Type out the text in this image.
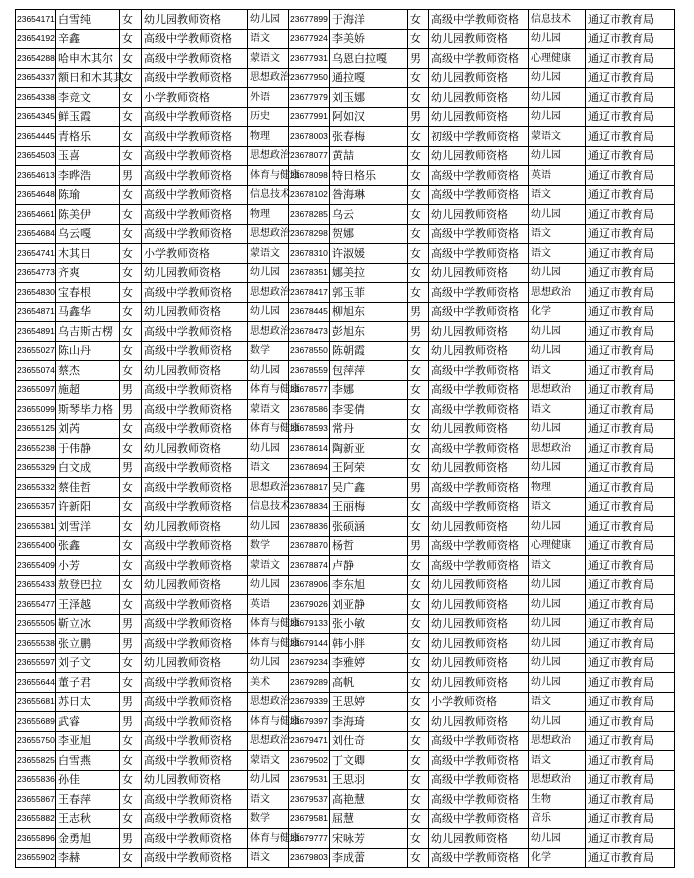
23654171	白雪纯	女	幼儿园教师资格	幼儿园	23677899	于海洋	女	高级中学教师资格	信息技术	通辽市教育局
23654192	辛鑫	女	高级中学教师资格	语文	23677924	李美娇	女	幼儿园教师资格	幼儿园	通辽市教育局
23654288	哈申木其尔	女	高级中学教师资格	蒙语文	23677931	乌恩白拉嘎	男	高级中学教师资格	心理健康	通辽市教育局
23654337	额日和木其其	女	高级中学教师资格	思想政治	23677950	通拉嘎	女	幼儿园教师资格	幼儿园	通辽市教育局
23654338	李竞文	女	小学教师资格	外语	23677979	刘玉娜	女	幼儿园教师资格	幼儿园	通辽市教育局
23654345	鲜玉霞	女	高级中学教师资格	历史	23677991	阿如汉	男	幼儿园教师资格	幼儿园	通辽市教育局
23654445	青格乐	女	高级中学教师资格	物理	23678003	张春梅	女	初级中学教师资格	蒙语文	通辽市教育局
23654503	玉喜	女	高级中学教师资格	思想政治	23678077	黄喆	女	幼儿园教师资格	幼儿园	通辽市教育局
23654613	李晔浩	男	高级中学教师资格	体育与健康	23678098	特日格乐	女	高级中学教师资格	英语	通辽市教育局
23654648	陈瑜	女	高级中学教师资格	信息技术	23678102	昝海琳	女	高级中学教师资格	语文	通辽市教育局
23654661	陈美伊	女	高级中学教师资格	物理	23678285	乌云	女	幼儿园教师资格	幼儿园	通辽市教育局
23654684	乌云嘎	女	高级中学教师资格	思想政治	23678298	贺娜	女	高级中学教师资格	语文	通辽市教育局
23654741	木其日	女	小学教师资格	蒙语文	23678310	许淑媛	女	高级中学教师资格	语文	通辽市教育局
23654773	齐爽	女	幼儿园教师资格	幼儿园	23678351	娜美拉	女	幼儿园教师资格	幼儿园	通辽市教育局
23654830	宝春根	女	高级中学教师资格	思想政治	23678417	郭玉菲	女	高级中学教师资格	思想政治	通辽市教育局
23654871	马鑫华	女	幼儿园教师资格	幼儿园	23678445	柳旭东	男	高级中学教师资格	化学	通辽市教育局
23654891	乌吉斯古楞	女	高级中学教师资格	思想政治	23678473	彭旭东	男	幼儿园教师资格	幼儿园	通辽市教育局
23655027	陈山丹	女	高级中学教师资格	数学	23678550	陈朝霞	女	幼儿园教师资格	幼儿园	通辽市教育局
23655074	蔡杰	女	幼儿园教师资格	幼儿园	23678559	包萍萍	女	高级中学教师资格	语文	通辽市教育局
23655097	施超	男	高级中学教师资格	体育与健康	23678577	李娜	女	高级中学教师资格	思想政治	通辽市教育局
23655099	斯琴毕力格	男	高级中学教师资格	蒙语文	23678586	李雯倩	女	高级中学教师资格	语文	通辽市教育局
23655125	刘芮	女	高级中学教师资格	体育与健康	23678593	常丹	女	幼儿园教师资格	幼儿园	通辽市教育局
23655238	于伟静	女	幼儿园教师资格	幼儿园	23678614	陶新亚	女	高级中学教师资格	思想政治	通辽市教育局
23655329	白文成	男	高级中学教师资格	语文	23678694	王阿荣	女	幼儿园教师资格	幼儿园	通辽市教育局
23655332	蔡佳哲	女	高级中学教师资格	思想政治	23678817	吴广鑫	男	高级中学教师资格	物理	通辽市教育局
23655357	许新阳	女	高级中学教师资格	信息技术	23678834	王丽梅	女	高级中学教师资格	语文	通辽市教育局
23655381	刘雪洋	女	幼儿园教师资格	幼儿园	23678836	张硕涵	女	幼儿园教师资格	幼儿园	通辽市教育局
23655400	张鑫	女	高级中学教师资格	数学	23678870	杨哲	男	高级中学教师资格	心理健康	通辽市教育局
23655409	小芳	女	高级中学教师资格	蒙语文	23678874	卢静	女	高级中学教师资格	语文	通辽市教育局
23655433	敖登巴拉	女	幼儿园教师资格	幼儿园	23678906	李东旭	女	幼儿园教师资格	幼儿园	通辽市教育局
23655477	王泽越	女	高级中学教师资格	英语	23679026	刘亚静	女	幼儿园教师资格	幼儿园	通辽市教育局
23655505	靳立冰	男	高级中学教师资格	体育与健康	23679133	张小敏	女	幼儿园教师资格	幼儿园	通辽市教育局
23655538	张立鹏	男	高级中学教师资格	体育与健康	23679144	韩小胖	女	幼儿园教师资格	幼儿园	通辽市教育局
23655597	刘子文	女	幼儿园教师资格	幼儿园	23679234	李雅婷	女	幼儿园教师资格	幼儿园	通辽市教育局
23655644	董子君	女	高级中学教师资格	美术	23679289	高帆	女	幼儿园教师资格	幼儿园	通辽市教育局
23655681	苏日太	男	高级中学教师资格	思想政治	23679339	王思婷	女	小学教师资格	语文	通辽市教育局
23655689	武睿	男	高级中学教师资格	体育与健康	23679397	李海琦	女	幼儿园教师资格	幼儿园	通辽市教育局
23655750	李亚旭	女	高级中学教师资格	思想政治	23679471	刘仕奇	女	高级中学教师资格	思想政治	通辽市教育局
23655825	白雪燕	女	高级中学教师资格	蒙语文	23679502	丁文卿	女	高级中学教师资格	语文	通辽市教育局
23655836	孙佳	女	幼儿园教师资格	幼儿园	23679531	王思羽	女	高级中学教师资格	思想政治	通辽市教育局
23655867	王春萍	女	高级中学教师资格	语文	23679537	高艳慧	女	高级中学教师资格	生物	通辽市教育局
23655882	王志秋	女	高级中学教师资格	数学	23679581	屈慧	女	高级中学教师资格	音乐	通辽市教育局
23655896	金勇旭	男	高级中学教师资格	体育与健康	23679777	宋咏芳	女	幼儿园教师资格	幼儿园	通辽市教育局
23655902	李赫	女	高级中学教师资格	语文	23679803	李成蕾	女	高级中学教师资格	化学	通辽市教育局
